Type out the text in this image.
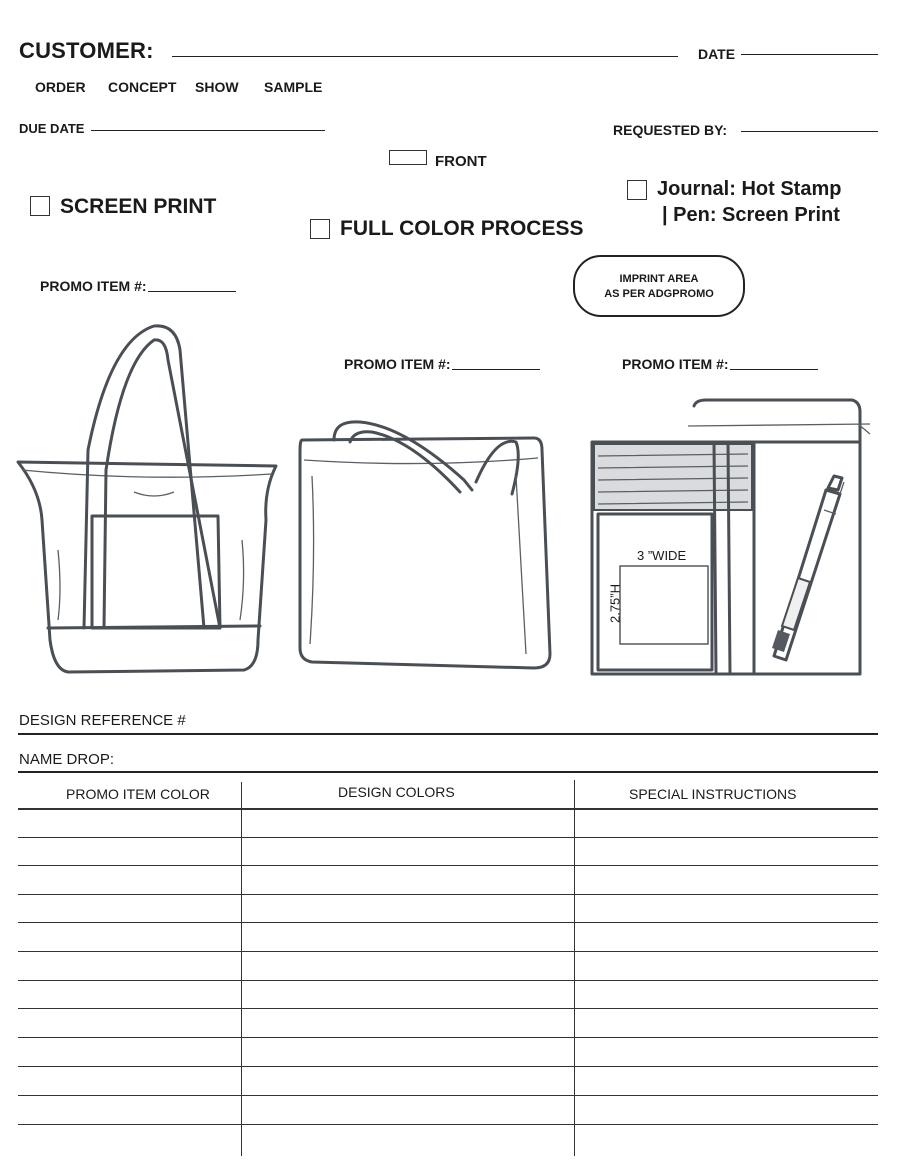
CUSTOMER:	DATE
ORDER CONCEPT SHOW SAMPLE
DUE DATE	REQUESTED BY:
FRONT
SCREEN PRINT
FULL COLOR PROCESS
Journal: Hot Stamp
| Pen: Screen Print
IMPRINT AREA
AS PER ADGPROMO
PROMO ITEM #:
PROMO ITEM #:	PROMO ITEM #:
3 ”WIDE
2.75”H
DESIGN REFERENCE #
NAME DROP:
PROMO ITEM COLOR	DESIGN COLORS	SPECIAL INSTRUCTIONS
